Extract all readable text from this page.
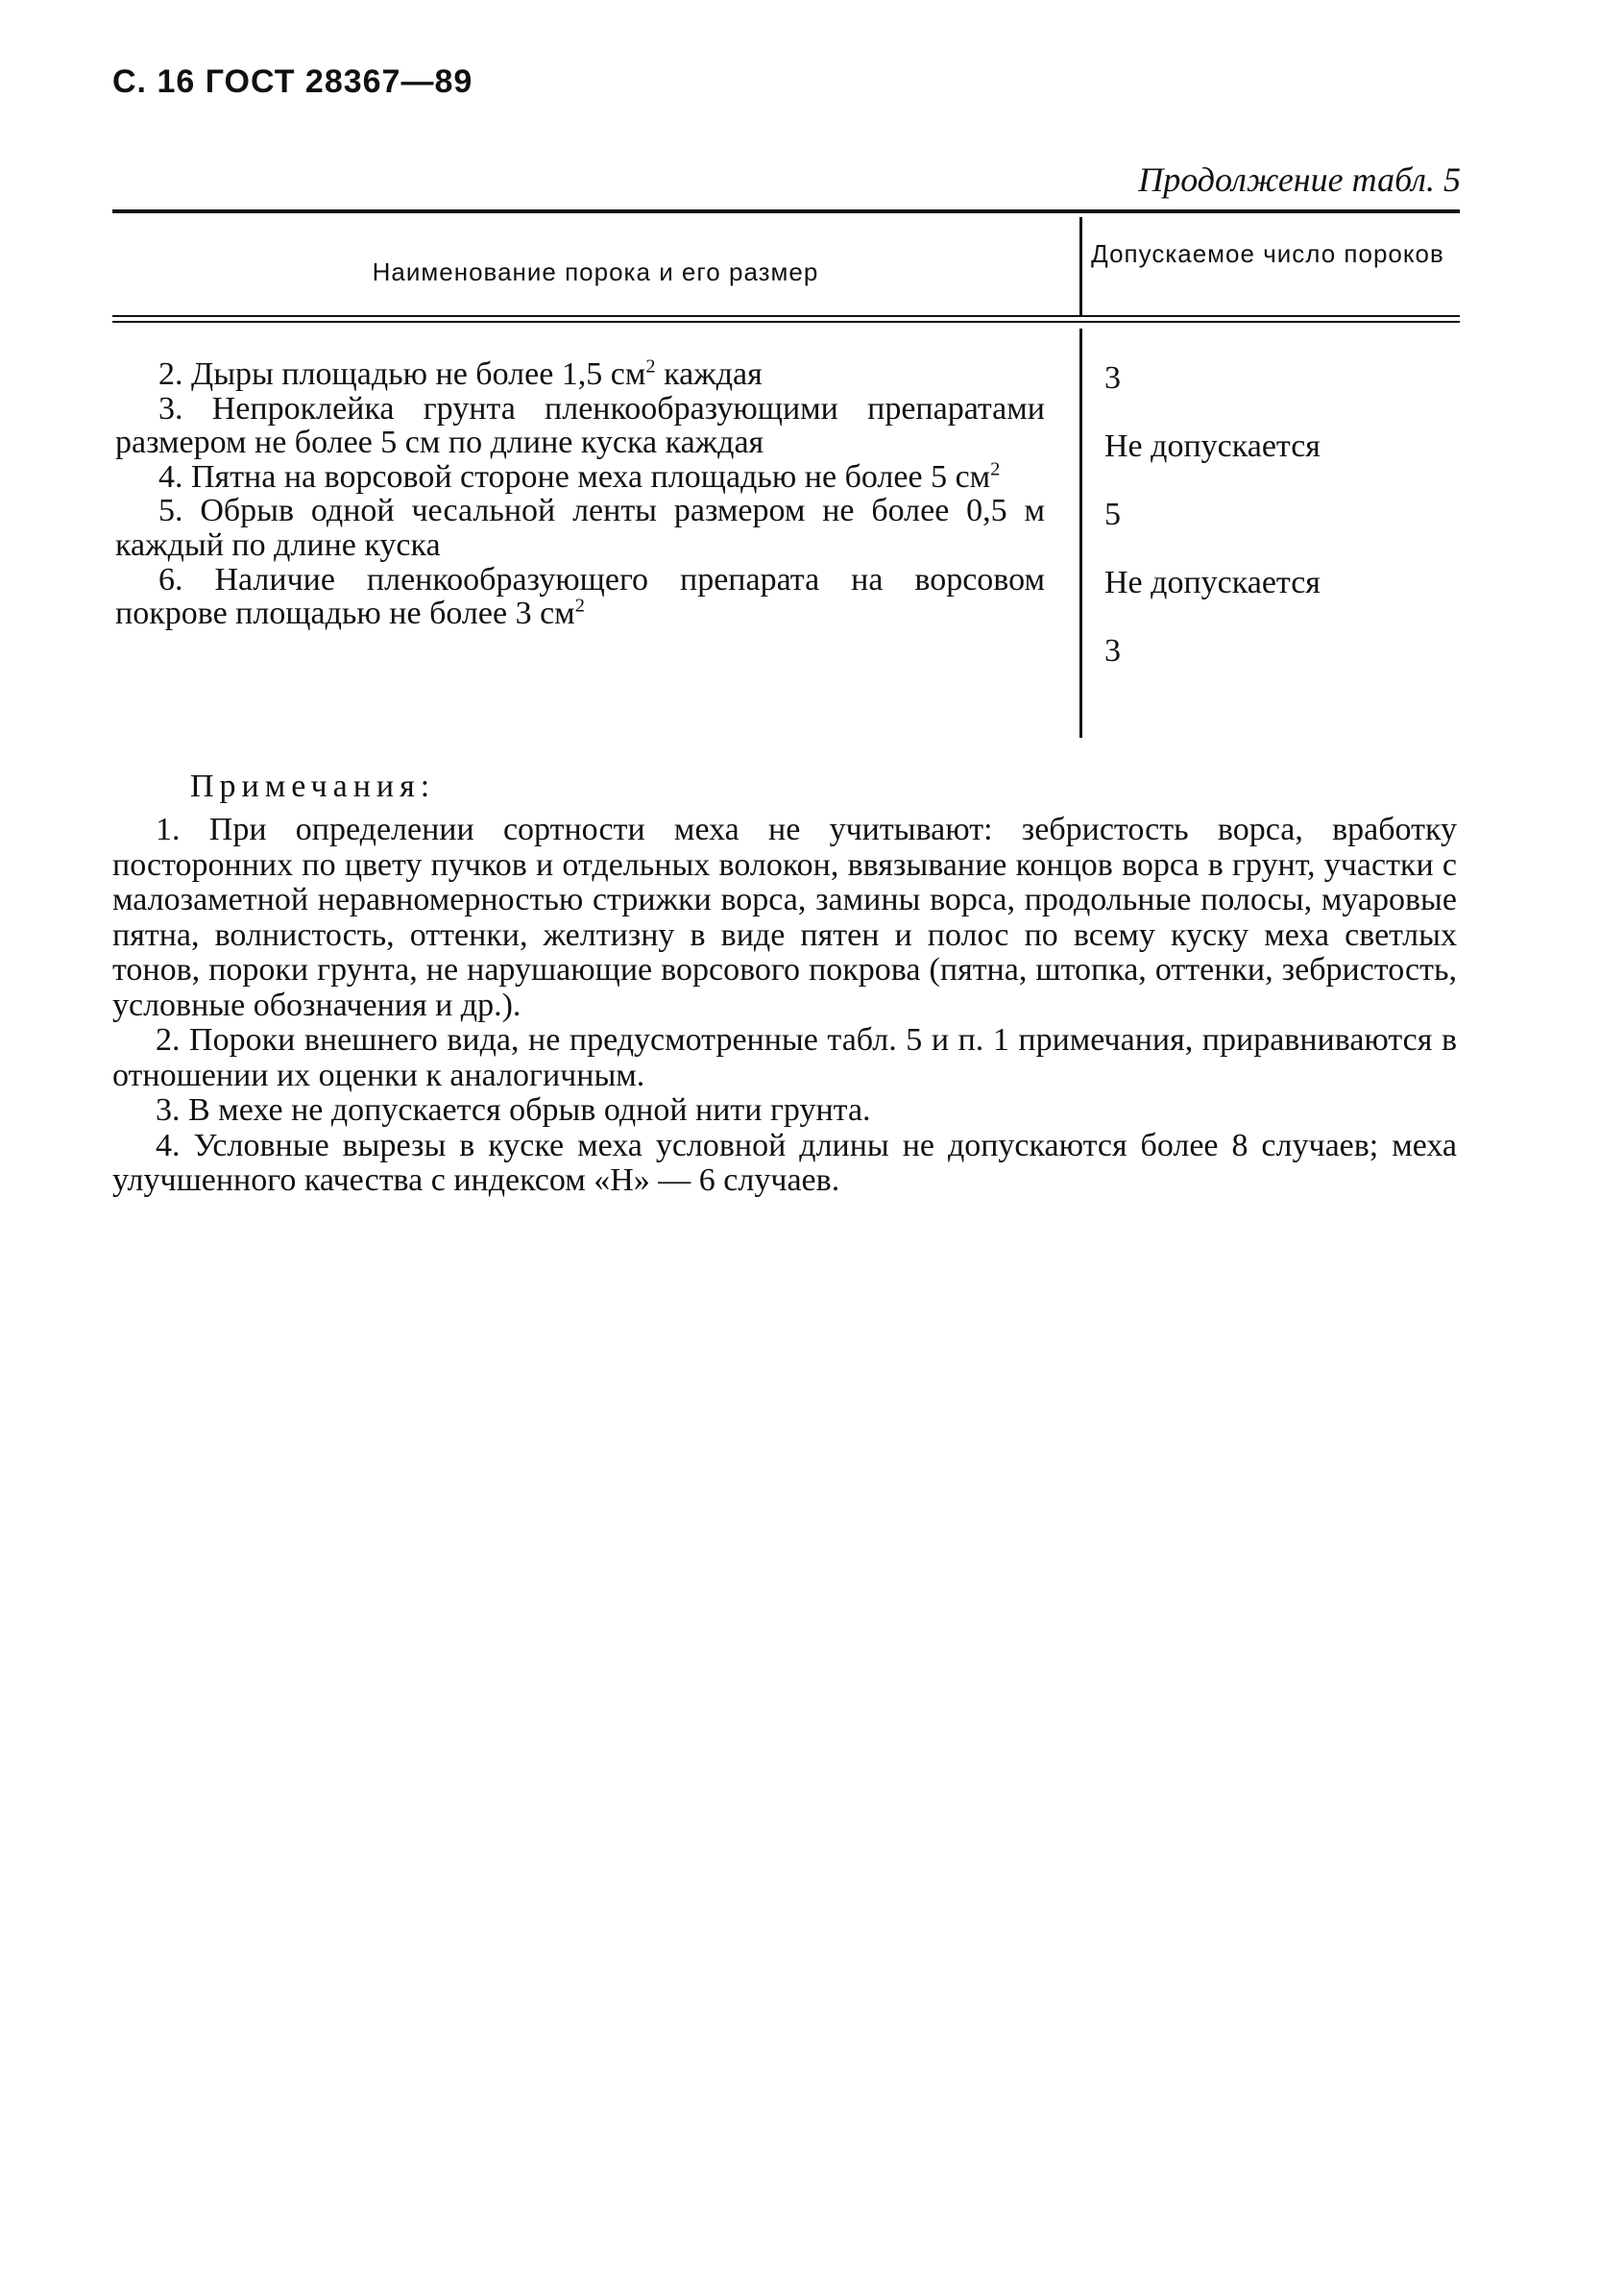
С. 16 ГОСТ 28367—89
Продолжение табл. 5
Наименование порока и его размер
Допускаемое число пороков

2. Дыры площадью не более 1,5 $см^2$ каждая

3. Непроклейка грунта пленкообразующими препаратами размером не более 5 см по длине куска каждая

4. Пятна на ворсовой стороне меха площадью не более 5 $см^2$

5. Обрыв одной чесальной ленты размером не более 0,5 м каждый по длине куска

6. Наличие пленкообразующего препарата на ворсовом покрове площадью не более 3 $см^2$

3
Не допускается
5
Не допускается
3
Примечания:

1. При определении сортности меха не учитывают: зебристость ворса, вработку посторонних по цвету пучков и отдельных волокон, ввязывание концов ворса в грунт, участки с малозаметной неравномерностью стрижки ворса, замины ворса, продольные полосы, муаровые пятна, волнистость, оттенки, желтизну в виде пятен и полос по всему куску меха светлых тонов, пороки грунта, не нарушающие ворсового покрова (пятна, штопка, оттенки, зебристость, условные обозначения и др.).

2. Пороки внешнего вида, не предусмотренные табл. 5 и п. 1 примечания, приравниваются в отношении их оценки к аналогичным.

3. В мехе не допускается обрыв одной нити грунта.

4. Условные вырезы в куске меха условной длины не допускаются более 8 случаев; меха улучшенного качества с индексом «Н» — 6 случаев.
